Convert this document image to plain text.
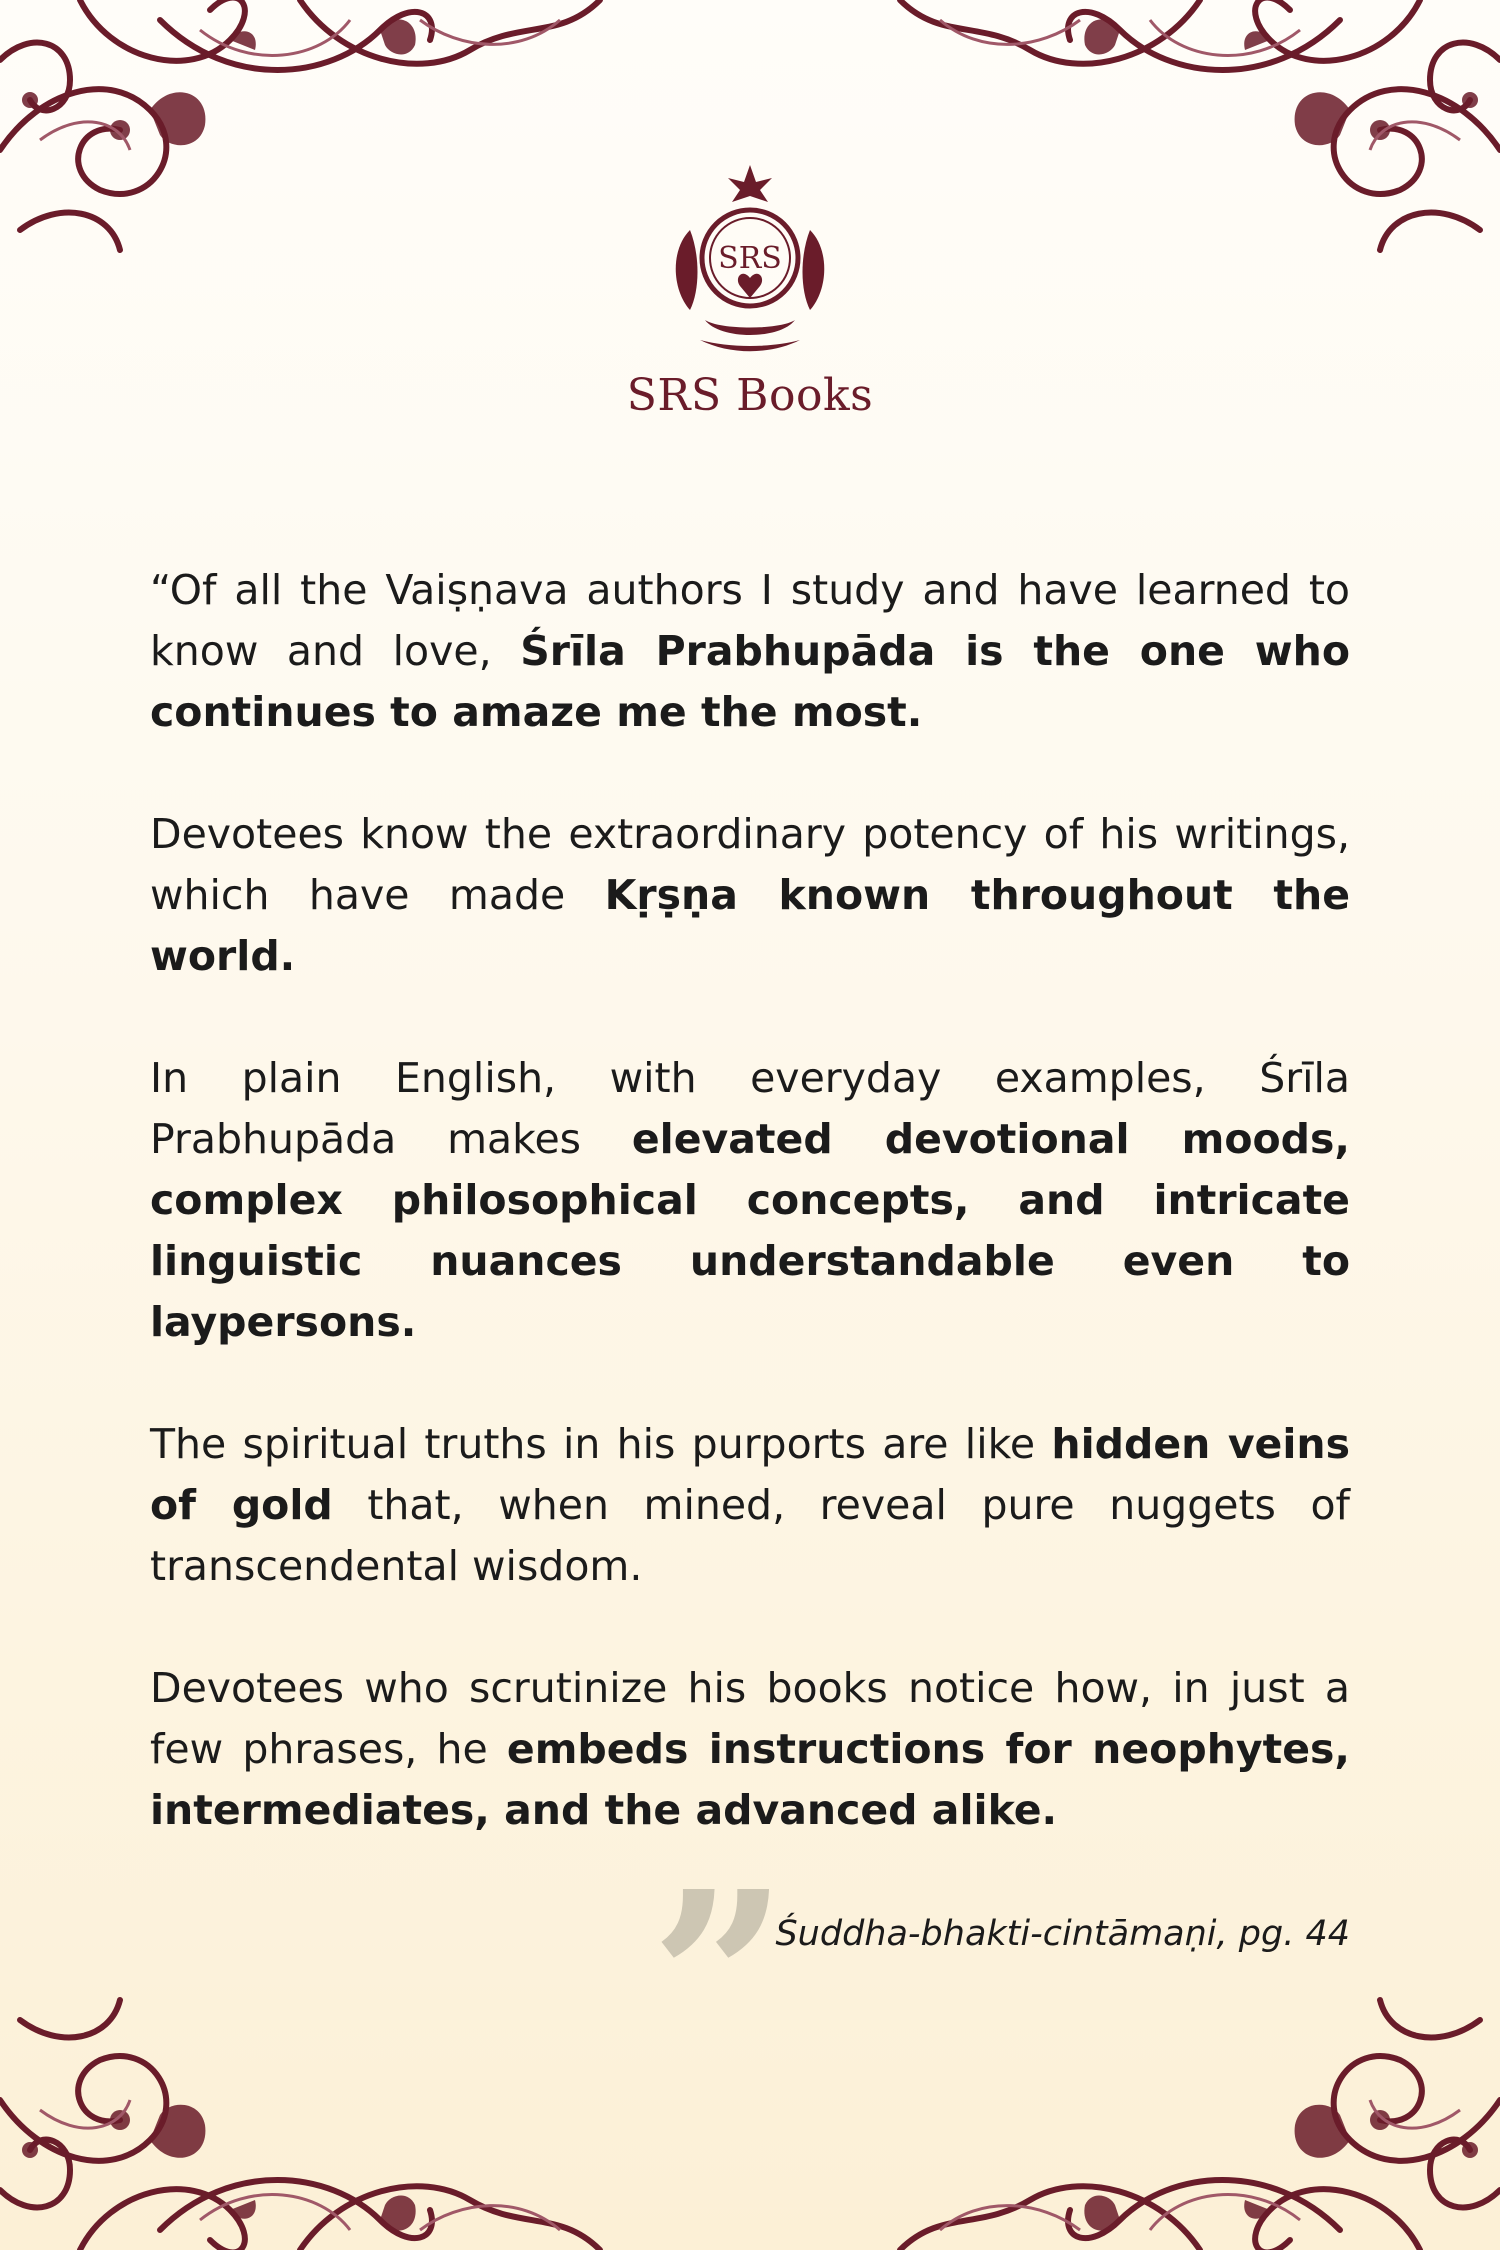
SRS
SRS Books

“Of all the Vaiṣṇava authors I study and have learned to know and love, Śrīla Prabhupāda is the one who continues to amaze me the most.

Devotees know the extraordinary potency of his writings, which have made Kṛṣṇa known throughout the world.

In plain English, with everyday examples, Śrīla Prabhupāda makes elevated devotional moods, complex philosophical concepts, and intricate linguistic nuances understandable even to laypersons.

The spiritual truths in his purports are like hidden veins of gold that, when mined, reveal pure nuggets of transcendental wisdom.

Devotees who scrutinize his books notice how, in just a few phrases, he embeds instructions for neophytes, intermediates, and the advanced alike.

”
Śuddha-bhakti-cintāmaṇi, pg. 44
